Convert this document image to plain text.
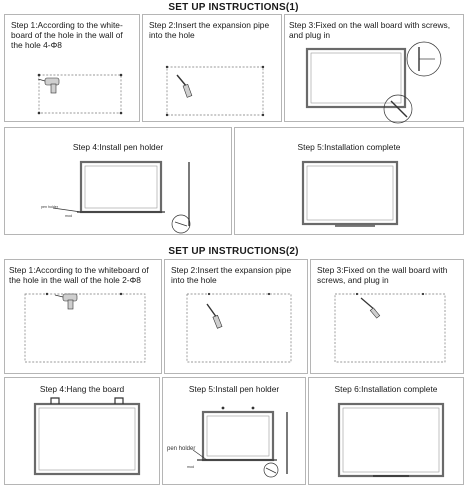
SET UP INSTRUCTIONS(1)
Step 1:According to the white-
board of the hole in the wall of
the hole 4-Φ8
Step 2:Insert the expansion pipe
into the hole
Step 3:Fixed on the wall board with screws,
and plug in
Step 4:Install pen holder
pen holder
mod
Step 5:Installation complete
SET UP INSTRUCTIONS(2)
Step 1:According to the whiteboard of
the hole in the wall of the hole 2-Φ8
Step 2:Insert the expansion pipe
into the hole
Step 3:Fixed on the wall board with
screws, and plug in
Step 4:Hang the board	Step 5:Install pen holder
pen holder
mod
Step 6:Installation complete
